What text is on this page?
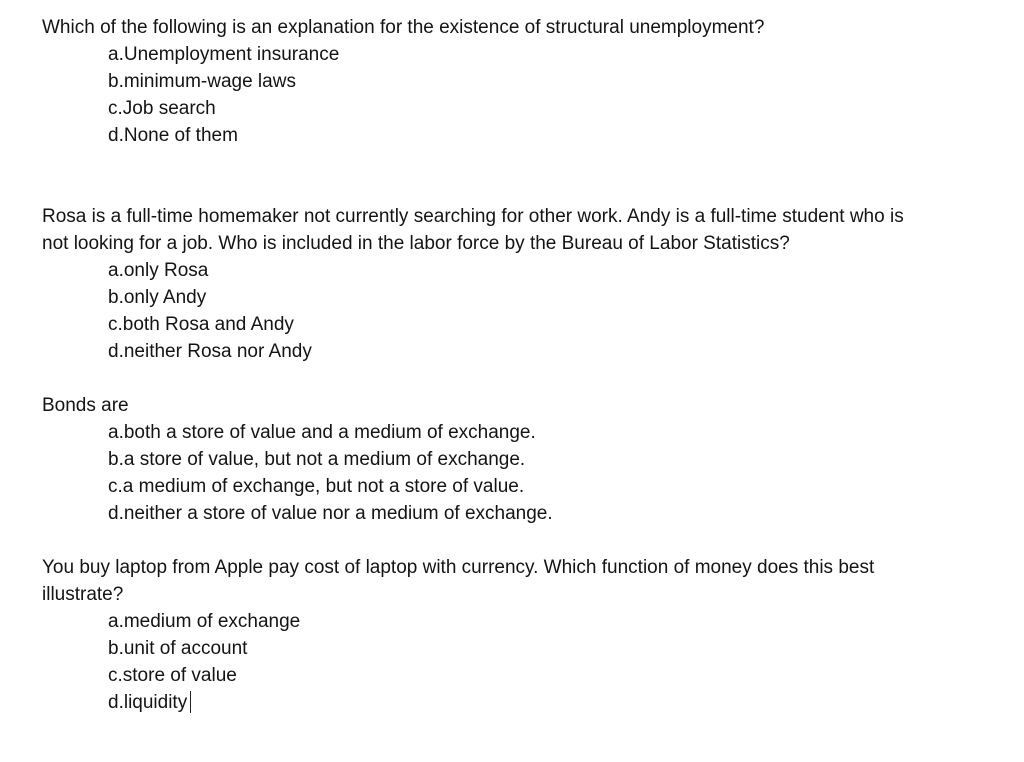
Which of the following is an explanation for the existence of structural unemployment?

a.Unemployment insurance
b.minimum-wage laws
c.Job search
d.None of them

Rosa is a full-time homemaker not currently searching for other work. Andy is a full-time student who is not looking for a job. Who is included in the labor force by the Bureau of Labor Statistics?

a.only Rosa
b.only Andy
c.both Rosa and Andy
d.neither Rosa nor Andy

Bonds are

a.both a store of value and a medium of exchange.
b.a store of value, but not a medium of exchange.
c.a medium of exchange, but not a store of value.
d.neither a store of value nor a medium of exchange.

You buy laptop from Apple pay cost of laptop with currency. Which function of money does this best illustrate?

a.medium of exchange
b.unit of account
c.store of value
d.liquidity
